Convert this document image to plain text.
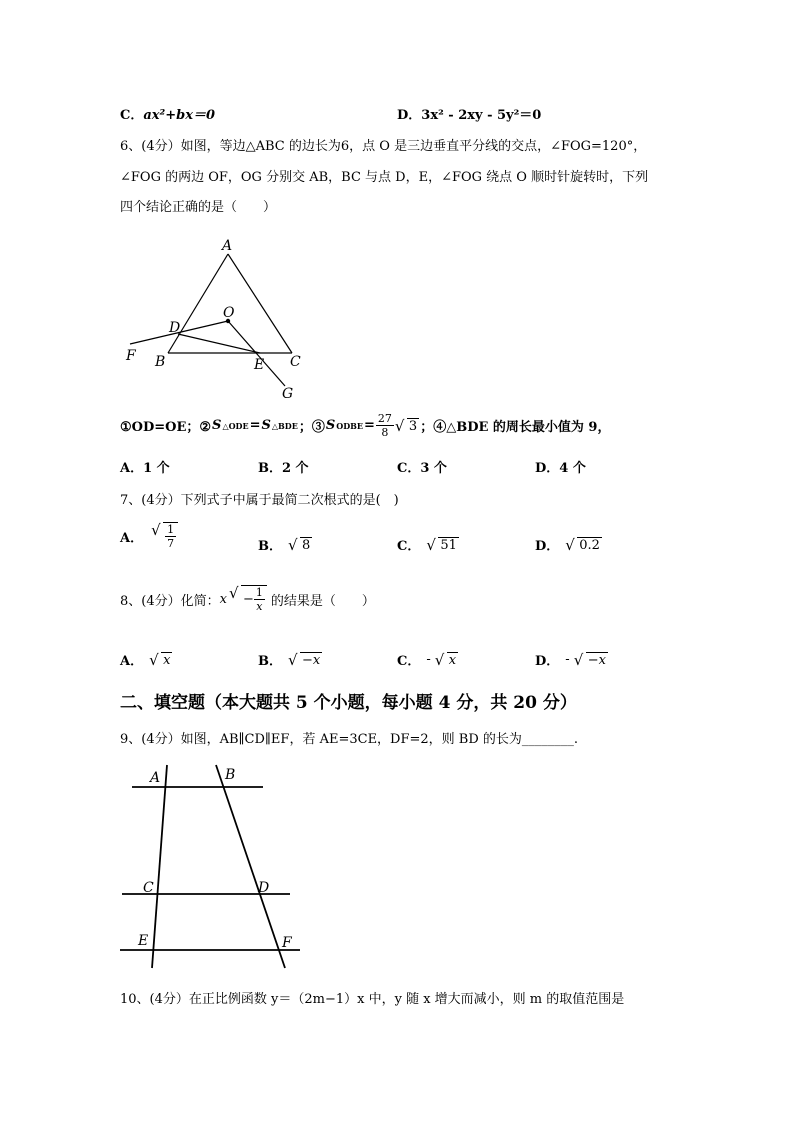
C．ax²+bx＝0	D．3x² - 2xy - 5y²＝0
6、(4分）如图，等边△ABC 的边长为6，点 O 是三边垂直平分线的交点，∠FOG=120°，
∠FOG 的两边 OF，OG 分别交 AB，BC 与点 D，E，∠FOG 绕点 O 顺时针旋转时，下列
四个结论正确的是（　　）
A
O
D
F B	E C
G
①OD=OE；② S △ODE = S △BDE ；③ S ODBE = $\frac{27}{8}$	√ 3 ；④△BDE 的周长最小值为 9，
A．1 个	B．2 个	C．3 个	D．4 个
7、(4分）下列式子中属于最简二次根式的是(　)
A． √ $\frac{1}{7}$	B．	√ 8	C．	√ 51	D．	√ 0.2
8、(4分）化简： x	√ − $\frac{1}{x}$ 的结果是（　　）
A．	√ x	B．	√ −x	C． -	√ x	D． -	√ −x
二、填空题（本大题共 5 个小题，每小题 4 分，共 20 分）
9、(4分）如图，AB∥CD∥EF，若 AE=3CE，DF=2，则 BD 的长为________.
A	B
C	D
E	F
10、(4分）在正比例函数 y＝（2m−1）x 中，y 随 x 增大而减小，则 m 的取值范围是
